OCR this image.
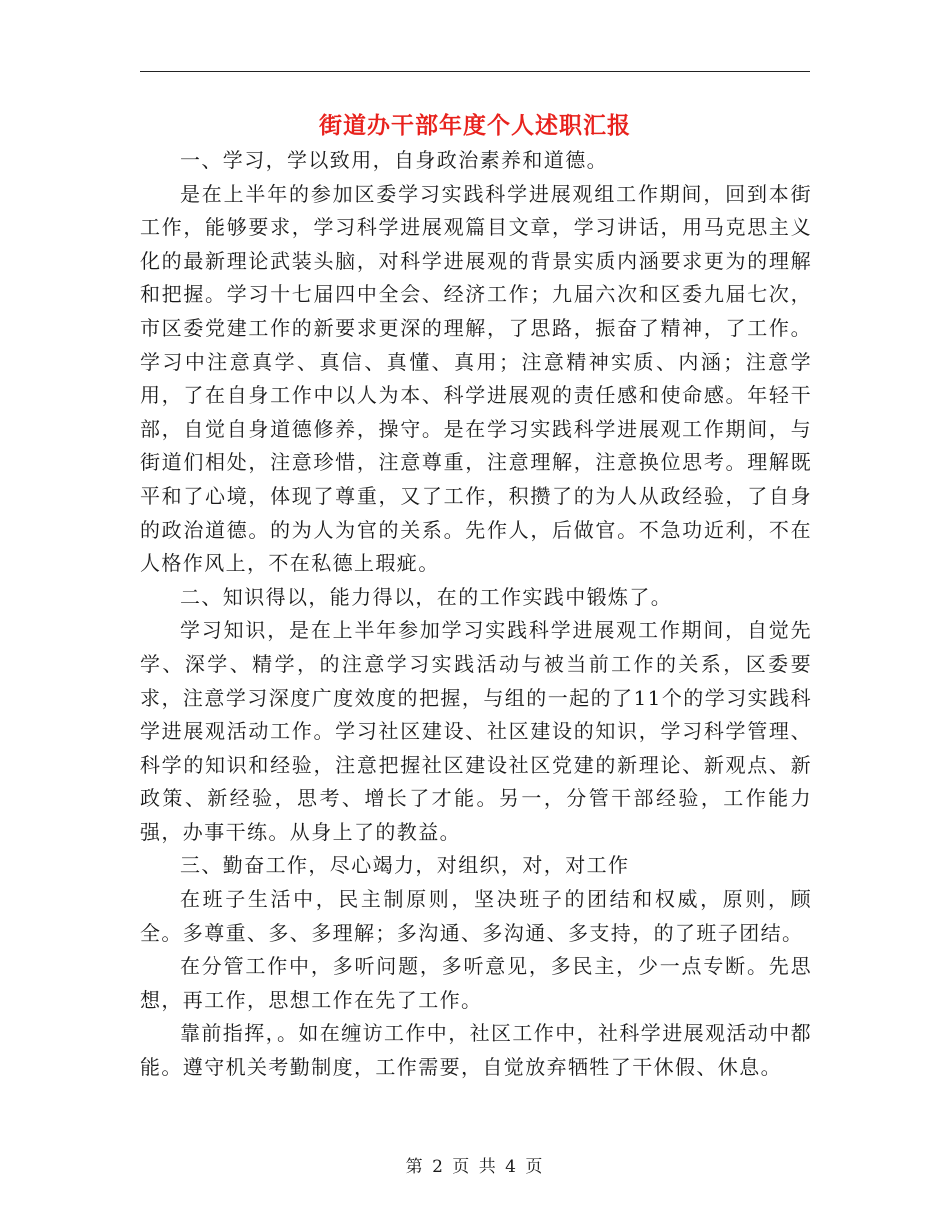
街道办干部年度个人述职汇报

一、学习，学以致用，自身政治素养和道德。

是在上半年的参加区委学习实践科学进展观组工作期间，回到本街工作，能够要求，学习科学进展观篇目文章，学习讲话，用马克思主义化的最新理论武装头脑，对科学进展观的背景实质内涵要求更为的理解和把握。学习十七届四中全会、经济工作；九届六次和区委九届七次，市区委党建工作的新要求更深的理解，了思路，振奋了精神，了工作。学习中注意真学、真信、真懂、真用；注意精神实质、内涵；注意学用，了在自身工作中以人为本、科学进展观的责任感和使命感。年轻干部，自觉自身道德修养，操守。是在学习实践科学进展观工作期间，与街道们相处，注意珍惜，注意尊重，注意理解，注意换位思考。理解既平和了心境，体现了尊重，又了工作，积攒了的为人从政经验，了自身的政治道德。的为人为官的关系。先作人，后做官。不急功近利，不在人格作风上，不在私德上瑕疵。

二、知识得以，能力得以，在的工作实践中锻炼了。

学习知识，是在上半年参加学习实践科学进展观工作期间，自觉先学、深学、精学，的注意学习实践活动与被当前工作的关系，区委要求，注意学习深度广度效度的把握，与组的一起的了11个的学习实践科学进展观活动工作。学习社区建设、社区建设的知识，学习科学管理、科学的知识和经验，注意把握社区建设社区党建的新理论、新观点、新政策、新经验，思考、增长了才能。另一，分管干部经验，工作能力强，办事干练。从身上了的教益。

三、勤奋工作，尽心竭力，对组织，对，对工作

在班子生活中，民主制原则，坚决班子的团结和权威，原则，顾全。多尊重、多、多理解；多沟通、多沟通、多支持，的了班子团结。

在分管工作中，多听问题，多听意见，多民主，少一点专断。先思想，再工作，思想工作在先了工作。

靠前指挥，。如在缠访工作中，社区工作中，社科学进展观活动中都能。遵守机关考勤制度，工作需要，自觉放弃牺牲了干休假、休息。

第 2 页 共 4 页
